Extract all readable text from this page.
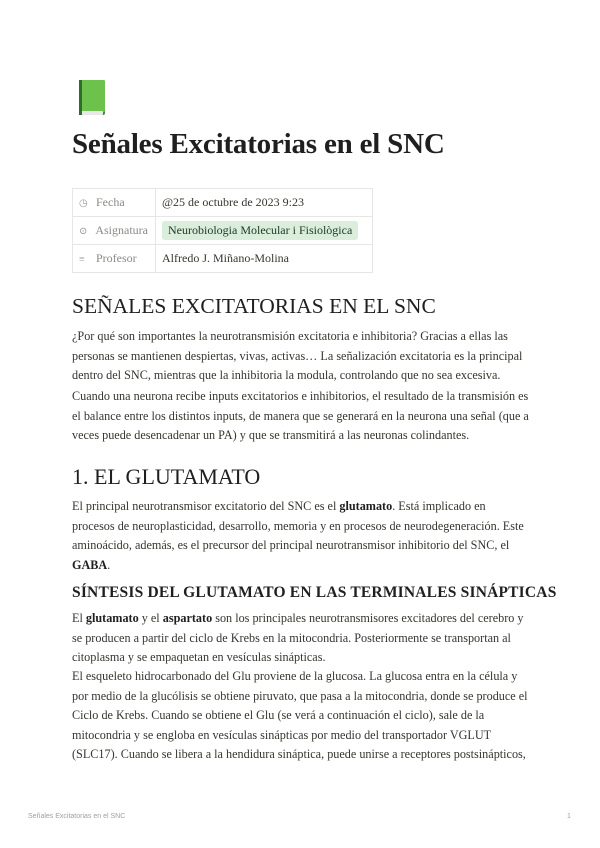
Señales Excitatorias en el SNC
◷ Fecha	@25 de octubre de 2023 9:23
⊙ Asignatura	Neurobiologia Molecular i Fisiològica
≡ Profesor	Alfredo J. Miñano-Molina
SEÑALES EXCITATORIAS EN EL SNC

¿Por qué son importantes la neurotransmisión excitatoria e inhibitoria? Gracias a ellas las personas se mantienen despiertas, vivas, activas… La señalización excitatoria es la principal dentro del SNC, mientras que la inhibitoria la modula, controlando que no sea excesiva.

Cuando una neurona recibe inputs excitatorios e inhibitorios, el resultado de la transmisión es el balance entre los distintos inputs, de manera que se generará en la neurona una señal (que a veces puede desencadenar un PA) y que se transmitirá a las neuronas colindantes.

1. EL GLUTAMATO

El principal neurotransmisor excitatorio del SNC es el glutamato. Está implicado en procesos de neuroplasticidad, desarrollo, memoria y en procesos de neurodegeneración. Este aminoácido, además, es el precursor del principal neurotransmisor inhibitorio del SNC, el GABA.

SÍNTESIS DEL GLUTAMATO EN LAS TERMINALES SINÁPTICAS

El glutamato y el aspartato son los principales neurotransmisores excitadores del cerebro y se producen a partir del ciclo de Krebs en la mitocondria. Posteriormente se transportan al citoplasma y se empaquetan en vesículas sinápticas.

El esqueleto hidrocarbonado del Glu proviene de la glucosa. La glucosa entra en la célula y por medio de la glucólisis se obtiene piruvato, que pasa a la mitocondria, donde se produce el Ciclo de Krebs. Cuando se obtiene el Glu (se verá a continuación el ciclo), sale de la mitocondria y se engloba en vesículas sinápticas por medio del transportador VGLUT (SLC17). Cuando se libera a la hendidura sináptica, puede unirse a receptores postsinápticos,

Señales Excitatorias en el SNC	1
